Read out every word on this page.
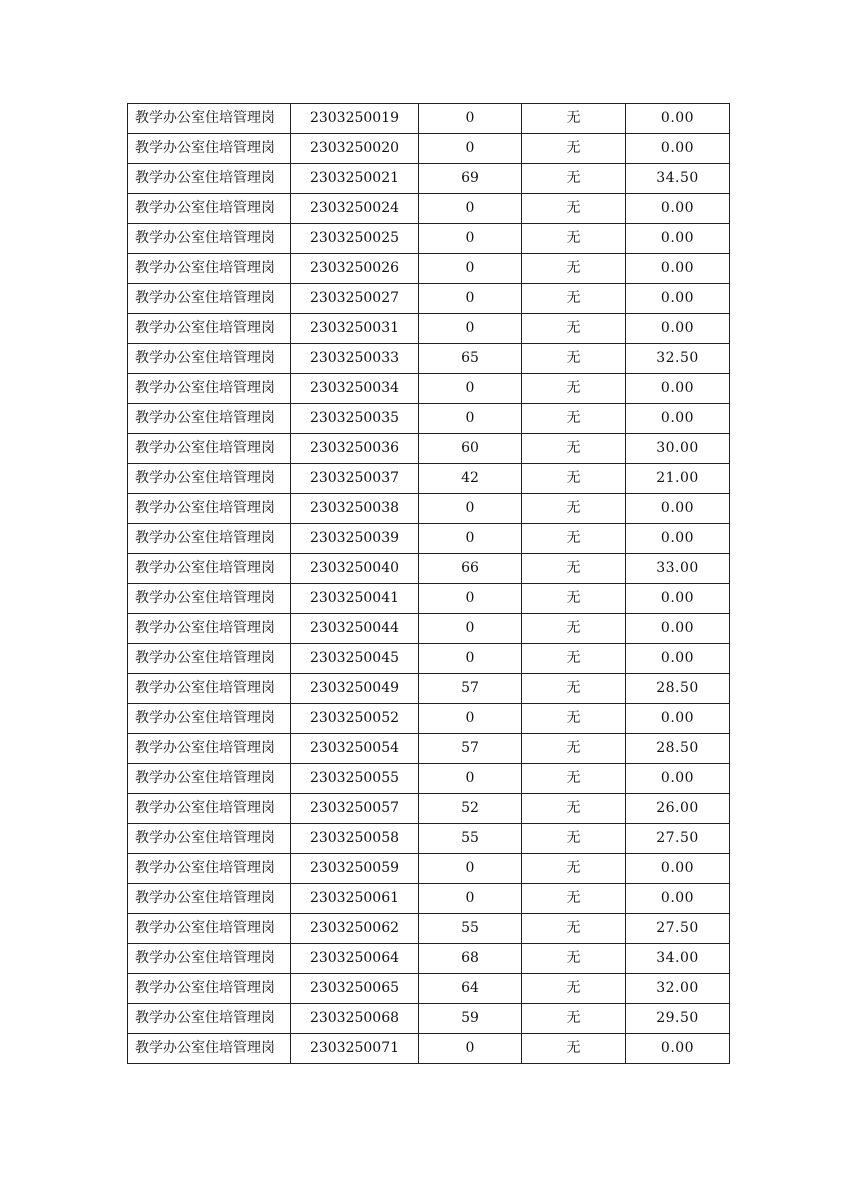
教学办公室住培管理岗	2303250019	0	无	0.00
教学办公室住培管理岗	2303250020	0	无	0.00
教学办公室住培管理岗	2303250021	69	无	34.50
教学办公室住培管理岗	2303250024	0	无	0.00
教学办公室住培管理岗	2303250025	0	无	0.00
教学办公室住培管理岗	2303250026	0	无	0.00
教学办公室住培管理岗	2303250027	0	无	0.00
教学办公室住培管理岗	2303250031	0	无	0.00
教学办公室住培管理岗	2303250033	65	无	32.50
教学办公室住培管理岗	2303250034	0	无	0.00
教学办公室住培管理岗	2303250035	0	无	0.00
教学办公室住培管理岗	2303250036	60	无	30.00
教学办公室住培管理岗	2303250037	42	无	21.00
教学办公室住培管理岗	2303250038	0	无	0.00
教学办公室住培管理岗	2303250039	0	无	0.00
教学办公室住培管理岗	2303250040	66	无	33.00
教学办公室住培管理岗	2303250041	0	无	0.00
教学办公室住培管理岗	2303250044	0	无	0.00
教学办公室住培管理岗	2303250045	0	无	0.00
教学办公室住培管理岗	2303250049	57	无	28.50
教学办公室住培管理岗	2303250052	0	无	0.00
教学办公室住培管理岗	2303250054	57	无	28.50
教学办公室住培管理岗	2303250055	0	无	0.00
教学办公室住培管理岗	2303250057	52	无	26.00
教学办公室住培管理岗	2303250058	55	无	27.50
教学办公室住培管理岗	2303250059	0	无	0.00
教学办公室住培管理岗	2303250061	0	无	0.00
教学办公室住培管理岗	2303250062	55	无	27.50
教学办公室住培管理岗	2303250064	68	无	34.00
教学办公室住培管理岗	2303250065	64	无	32.00
教学办公室住培管理岗	2303250068	59	无	29.50
教学办公室住培管理岗	2303250071	0	无	0.00
